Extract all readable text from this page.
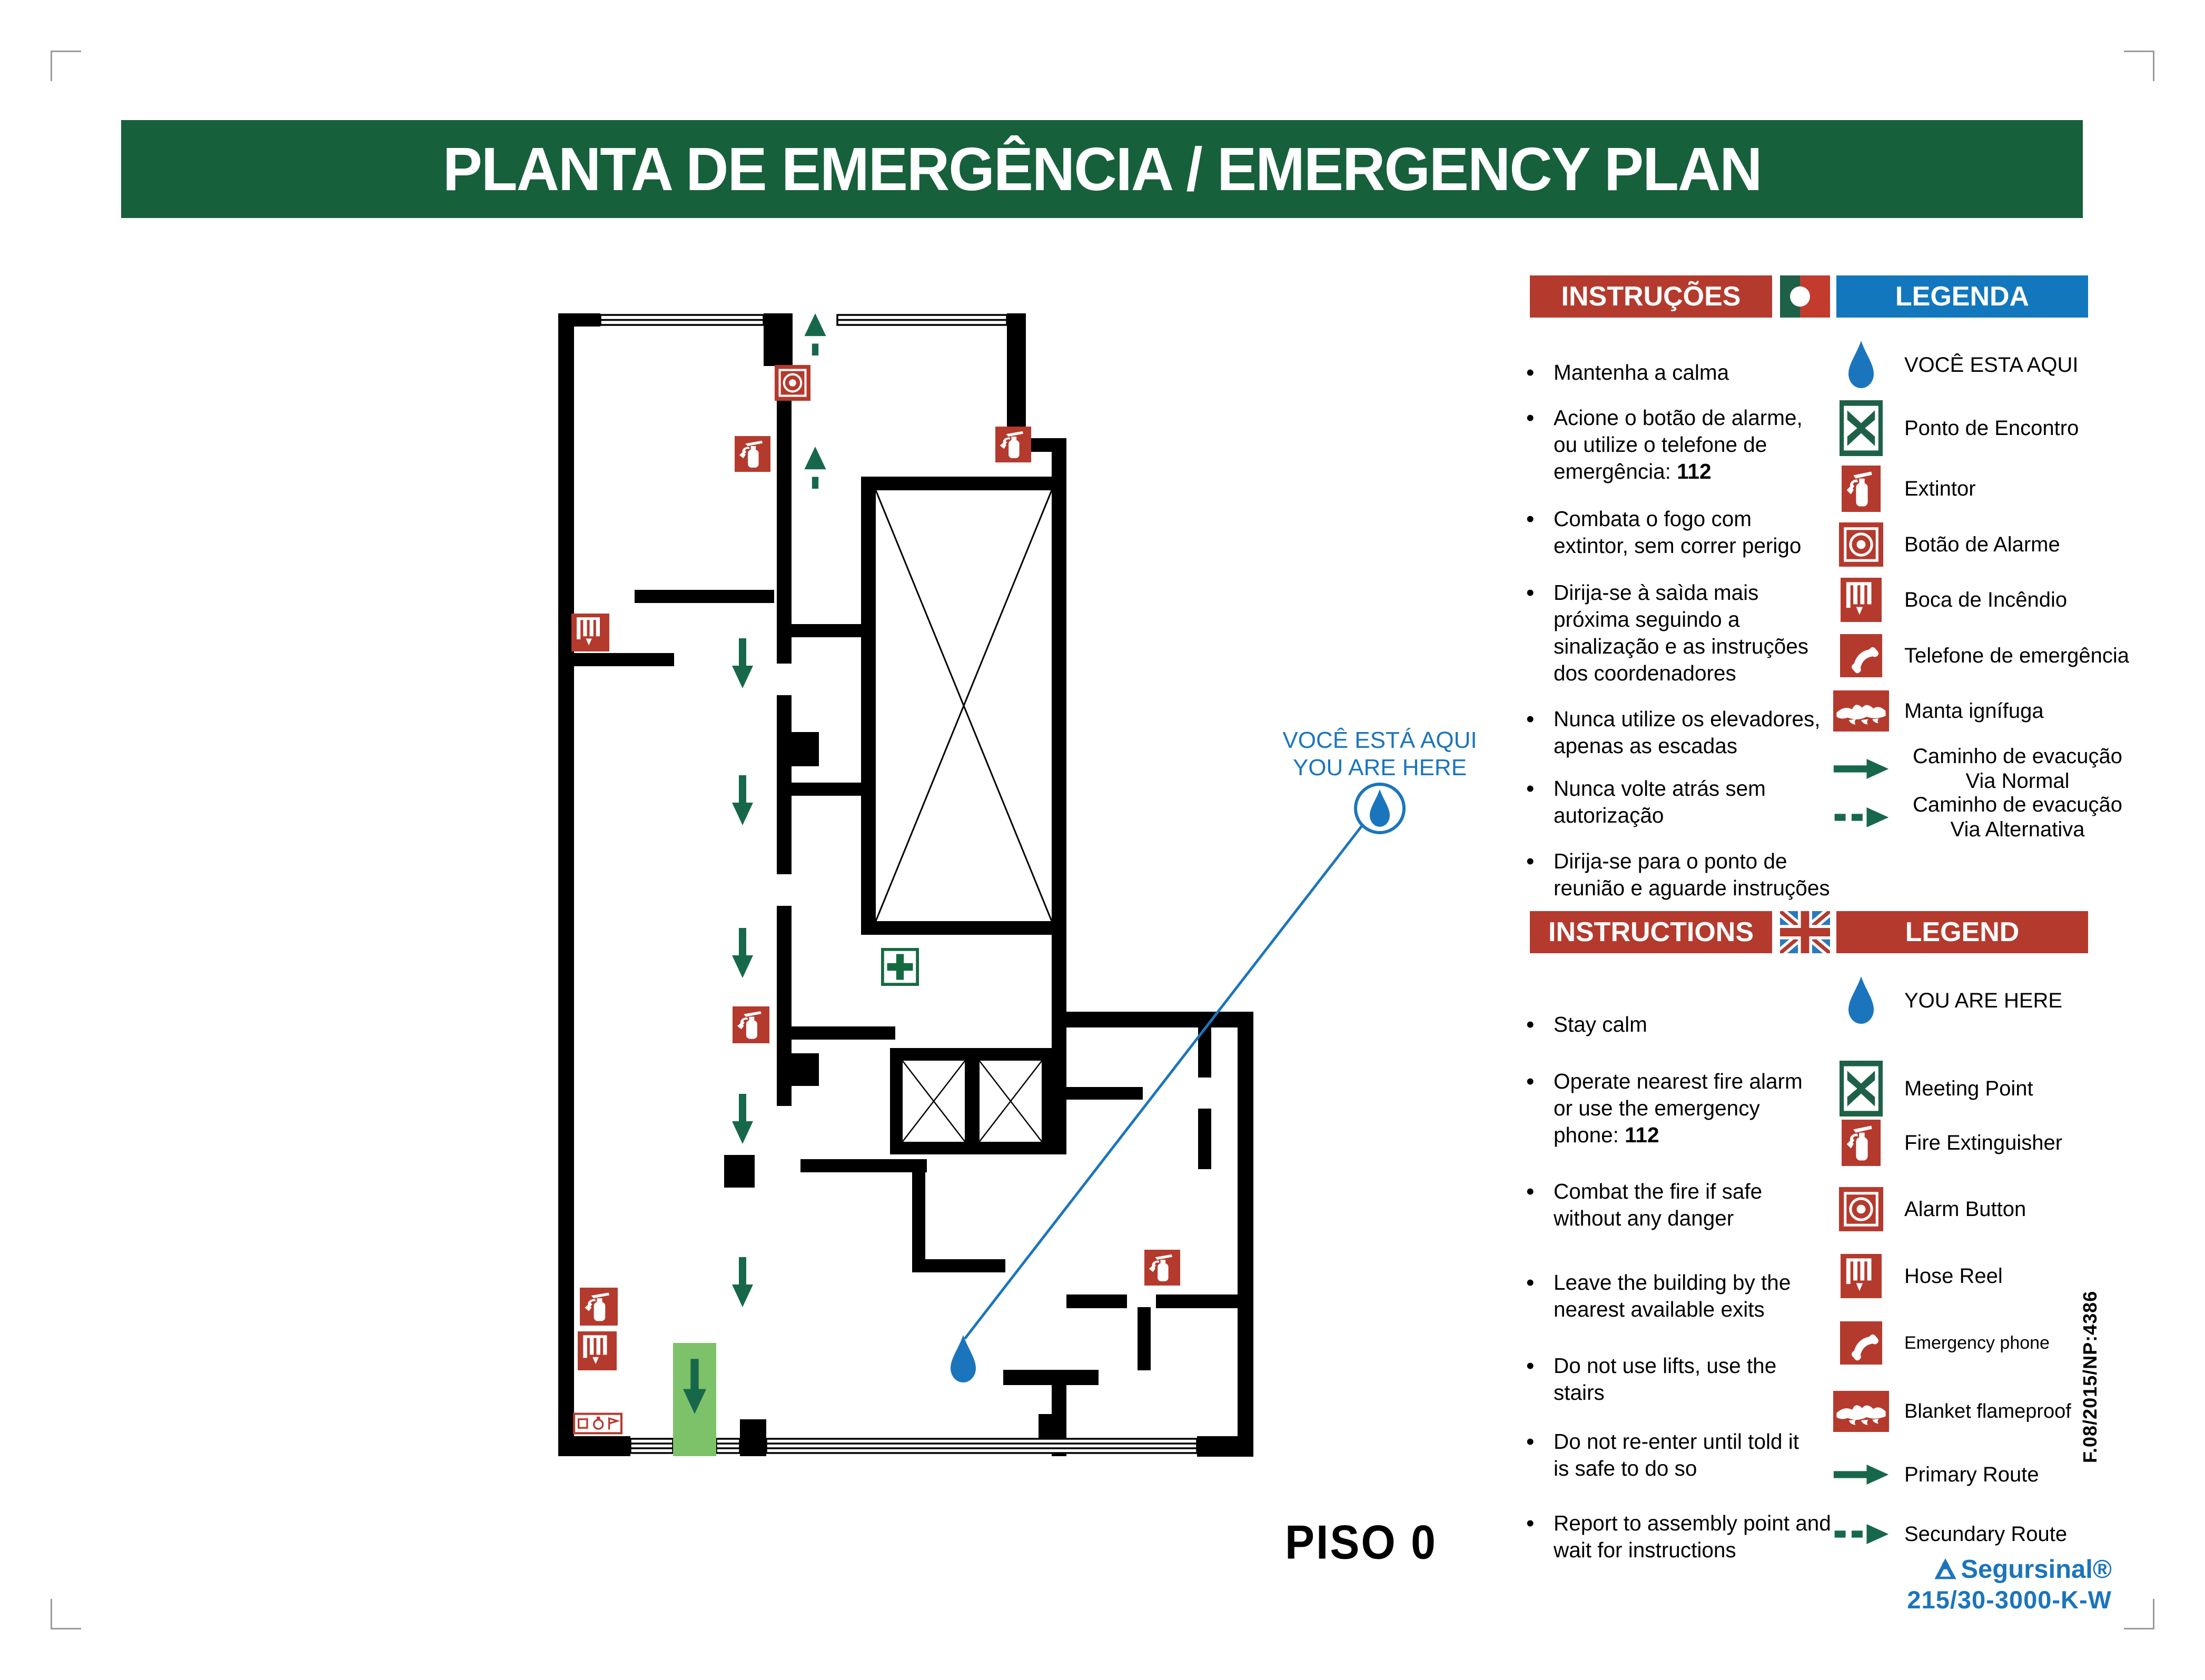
PLANTA DE EMERGÊNCIA / EMERGENCY PLAN
VOCÊ ESTÁ AQUI
YOU ARE HERE
PISO 0
INSTRUÇÕES	LEGENDA
• Mantenha a calma
• Acione o botão de alarme,
ou utilize o telefone de
emergência: 112
• Combata o fogo com
extintor, sem correr perigo
• Dirija-se à saìda mais
próxima seguindo a
sinalização e as instruções
dos coordenadores
• Nunca utilize os elevadores,
apenas as escadas
• Nunca volte atrás sem
autorização
• Dirija-se para o ponto de
reunião e aguarde instruções
VOCÊ ESTA AQUI
Ponto de Encontro
Extintor
Botão de Alarme
Boca de Incêndio
Telefone de emergência
Manta ignífuga
Caminho de evacução
Via Normal
Caminho de evacução
Via Alternativa
INSTRUCTIONS	LEGEND
• Stay calm
• Operate nearest fire alarm
or use the emergency
phone: 112
• Combat the fire if safe
without any danger
• Leave the building by the
nearest available exits
• Do not use lifts, use the
stairs
• Do not re-enter until told it
is safe to do so
• Report to assembly point and
wait for instructions
YOU ARE HERE
Meeting Point
Fire Extinguisher
Alarm Button
Hose Reel
Emergency phone
Blanket flameproof
Primary Route
Secundary Route
F.08/2015/NP:4386
Segursinal®
215/30-3000-K-W
